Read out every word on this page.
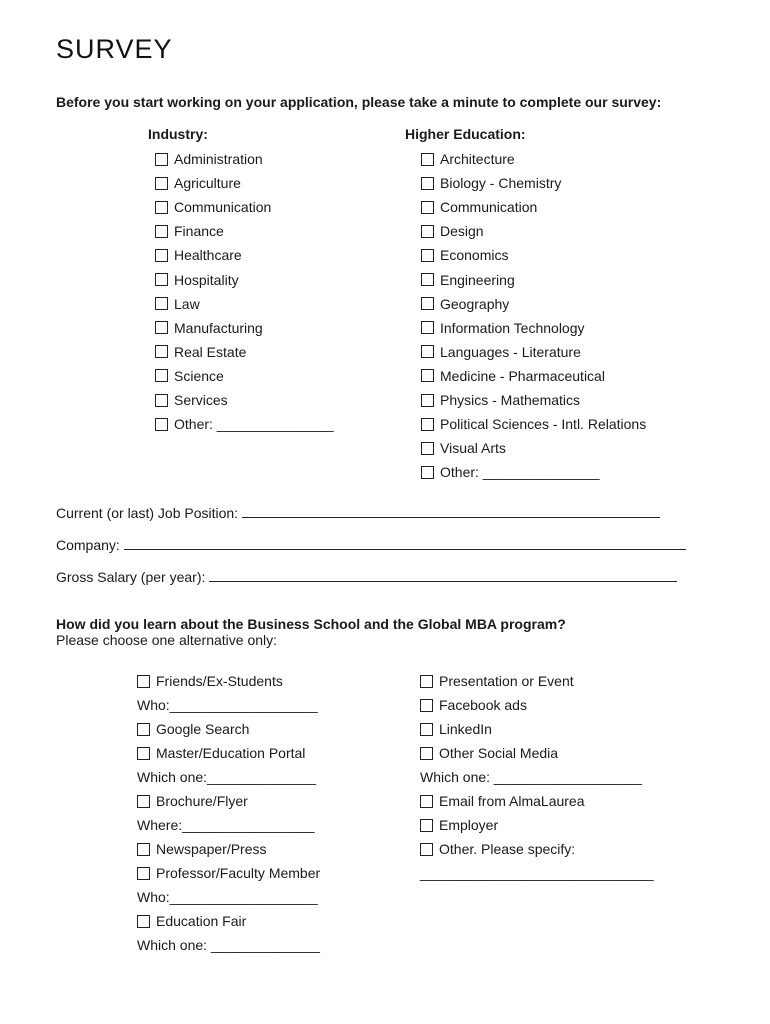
SURVEY
Before you start working on your application, please take a minute to complete our survey:
Industry:
Administration
Agriculture
Communication
Finance
Healthcare
Hospitality
Law
Manufacturing
Real Estate
Science
Services
Other: _______________
Higher Education:
Architecture
Biology - Chemistry
Communication
Design
Economics
Engineering
Geography
Information Technology
Languages - Literature
Medicine - Pharmaceutical
Physics - Mathematics
Political Sciences - Intl. Relations
Visual Arts
Other: _______________
Current (or last) Job Position:
Company:
Gross Salary (per year):
How did you learn about the Business School and the Global MBA program?
Please choose one alternative only:
Friends/Ex-Students
Who:___________________
Google Search
Master/Education Portal
Which one:______________
Brochure/Flyer
Where:_________________
Newspaper/Press
Professor/Faculty Member
Who:___________________
Education Fair
Which one: ______________
Presentation or Event
Facebook ads
LinkedIn
Other Social Media
Which one: ___________________
Email from AlmaLaurea
Employer
Other. Please specify:
______________________________
